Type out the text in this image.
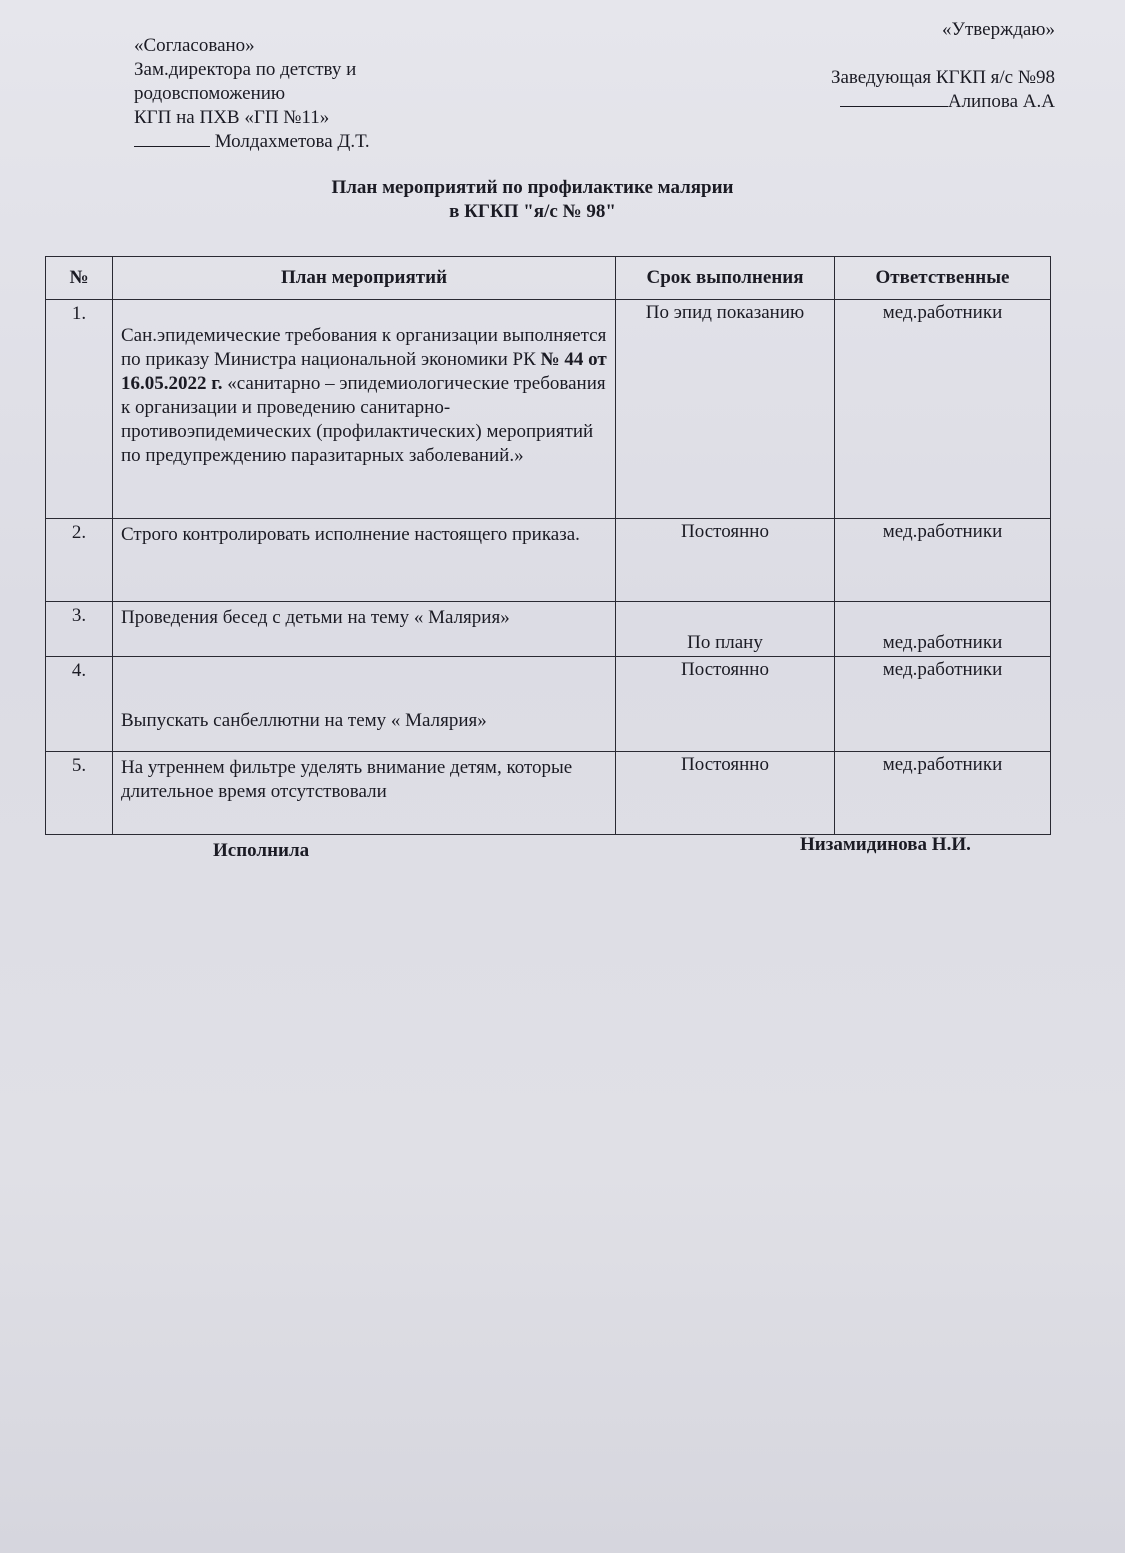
«Согласовано»
Зам.директора по детству и
родовспоможению
КГП на ПХВ «ГП №11»
Молдахметова Д.Т.
«Утверждаю»
Заведующая КГКП я/с №98
Алипова А.А
План мероприятий по профилактике малярии
в КГКП "я/с № 98"
№	План мероприятий	Срок выполнения	Ответственные
1.	Сан.эпидемические требования к организации выполняется по приказу Министра национальной экономики РК № 44 от 16.05.2022 г. «санитарно – эпидемиологические требования к организации и проведению санитарно-противоэпидемических (профилактических) мероприятий по предупреждению паразитарных заболеваний.»	По эпид показанию	мед.работники
2.	Строго контролировать исполнение настоящего приказа.	Постоянно	мед.работники
3.	Проведения бесед с детьми на тему « Малярия»	По плану	мед.работники
4.	Выпускать санбеллютни на тему « Малярия»	Постоянно	мед.работники
5.	На утреннем фильтре уделять внимание детям, которые длительное время отсутствовали	Постоянно	мед.работники
Исполнила	Низамидинова Н.И.
